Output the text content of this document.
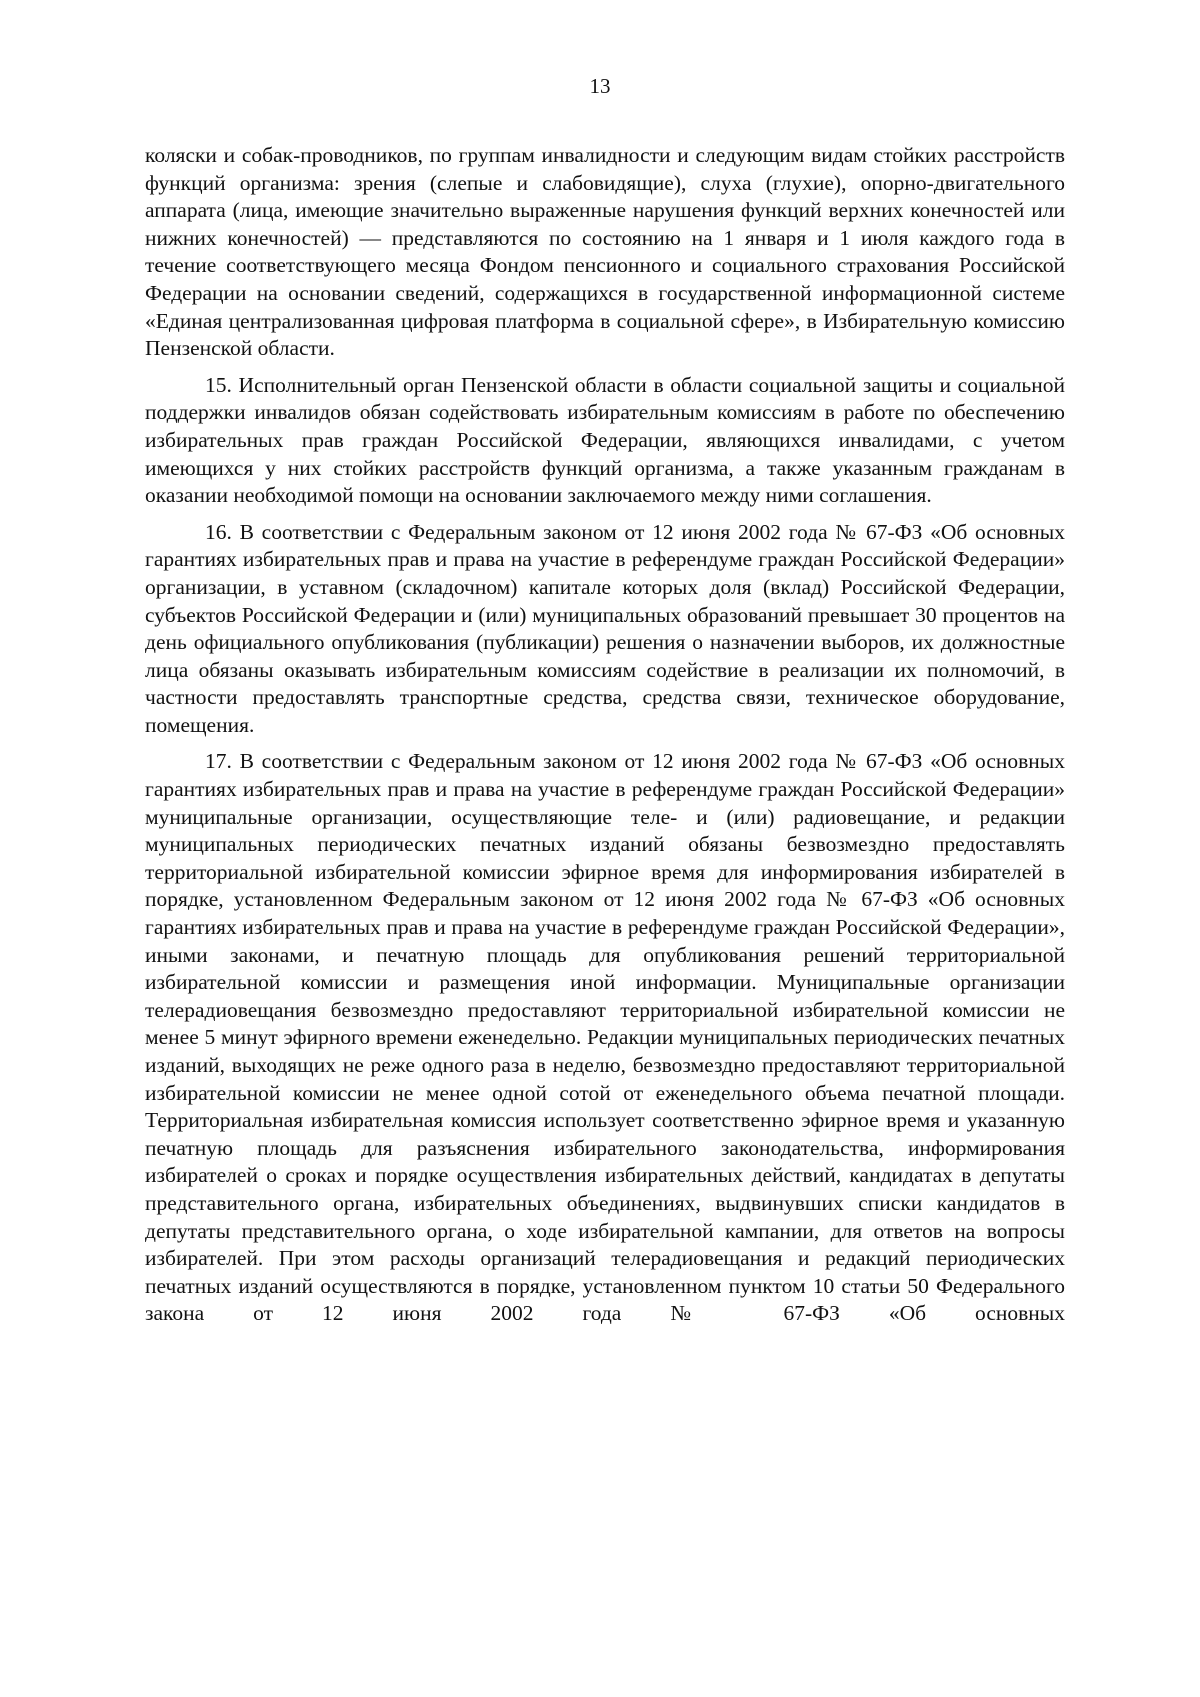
13

коляски и собак-проводников, по группам инвалидности и следующим видам стойких расстройств функций организма: зрения (слепые и слабовидящие), слуха (глухие), опорно-двигательного аппарата (лица, имеющие значительно выраженные нарушения функций верхних конечностей или нижних конечностей) — представляются по состоянию на 1 января и 1 июля каждого года в течение соответствующего месяца Фондом пенсионного и социального страхования Российской Федерации на основании сведений, содержащихся в государственной информационной системе «Единая централизованная цифровая платформа в социальной сфере», в Избирательную комиссию Пензенской области.

15. Исполнительный орган Пензенской области в области социальной защиты и социальной поддержки инвалидов обязан содействовать избирательным комиссиям в работе по обеспечению избирательных прав граждан Российской Федерации, являющихся инвалидами, с учетом имеющихся у них стойких расстройств функций организма, а также указанным гражданам в оказании необходимой помощи на основании заключаемого между ними соглашения.

16. В соответствии с Федеральным законом от 12 июня 2002 года № 67-ФЗ «Об основных гарантиях избирательных прав и права на участие в референдуме граждан Российской Федерации» организации, в уставном (складочном) капитале которых доля (вклад) Российской Федерации, субъектов Российской Федерации и (или) муниципальных образований превышает 30 процентов на день официального опубликования (публикации) решения о назначении выборов, их должностные лица обязаны оказывать избирательным комиссиям содействие в реализации их полномочий, в частности предоставлять транспортные средства, средства связи, техническое оборудование, помещения.

17. В соответствии с Федеральным законом от 12 июня 2002 года № 67-ФЗ «Об основных гарантиях избирательных прав и права на участие в референдуме граждан Российской Федерации» муниципальные организации, осуществляющие теле- и (или) радиовещание, и редакции муниципальных периодических печатных изданий обязаны безвозмездно предоставлять территориальной избирательной комиссии эфирное время для информирования избирателей в порядке, установленном Федеральным законом от 12 июня 2002 года № 67-ФЗ «Об основных гарантиях избирательных прав и права на участие в референдуме граждан Российской Федерации», иными законами, и печатную площадь для опубликования решений территориальной избирательной комиссии и размещения иной информации. Муниципальные организации телерадиовещания безвозмездно предоставляют территориальной избирательной комиссии не менее 5 минут эфирного времени еженедельно. Редакции муниципальных периодических печатных изданий, выходящих не реже одного раза в неделю, безвозмездно предоставляют территориальной избирательной комиссии не менее одной сотой от еженедельного объема печатной площади. Территориальная избирательная комиссия использует соответственно эфирное время и указанную печатную площадь для разъяснения избирательного законодательства, информирования избирателей о сроках и порядке осуществления избирательных действий, кандидатах в депутаты представительного органа, избирательных объединениях, выдвинувших списки кандидатов в депутаты представительного органа, о ходе избирательной кампании, для ответов на вопросы избирателей. При этом расходы организаций телерадиовещания и редакций периодических печатных изданий осуществляются в порядке, установленном пунктом 10 статьи 50 Федерального закона от 12 июня 2002 года № 67-ФЗ «Об основных
